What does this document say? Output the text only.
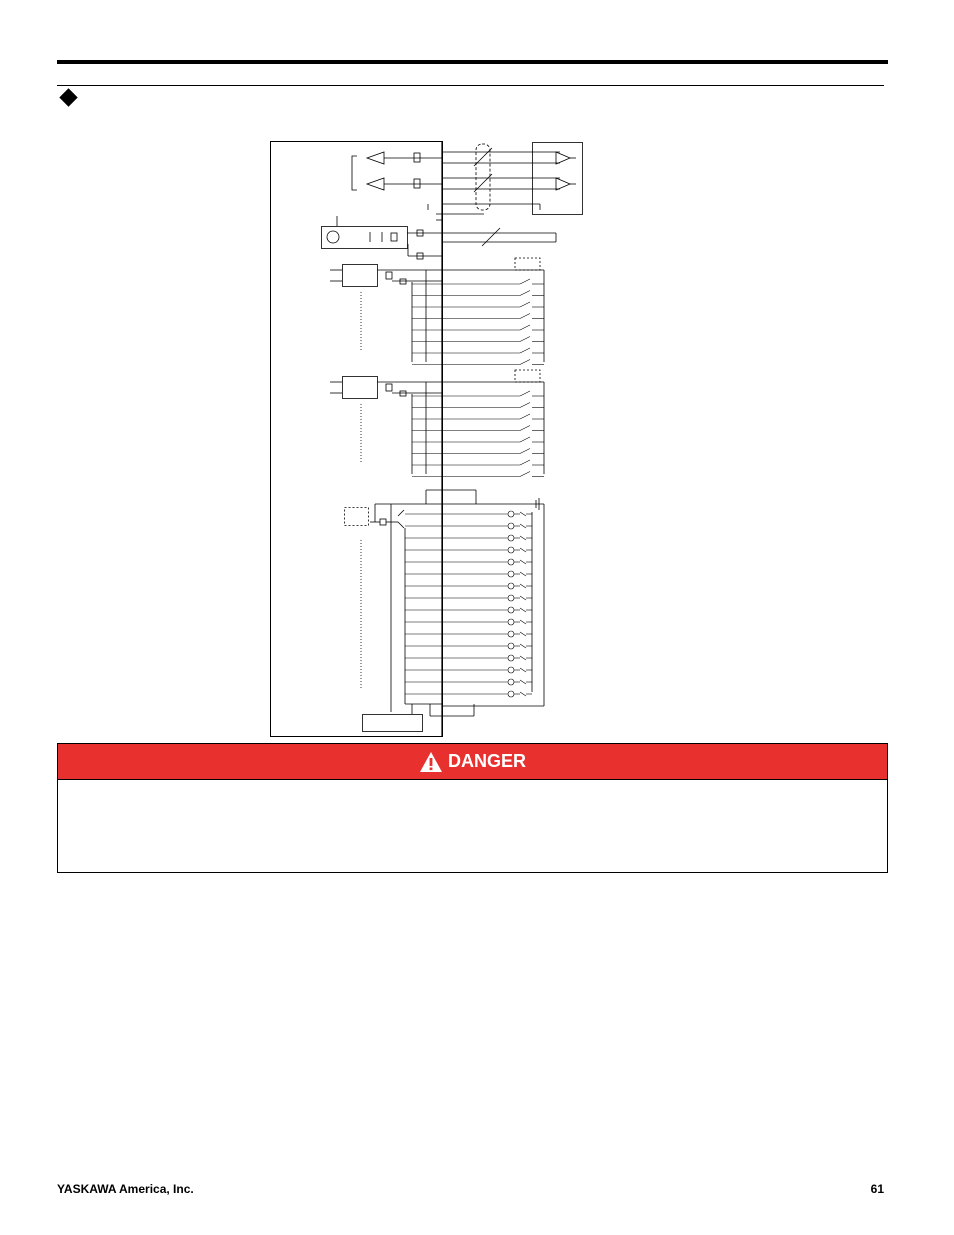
DANGER
YASKAWA America, Inc.	61
